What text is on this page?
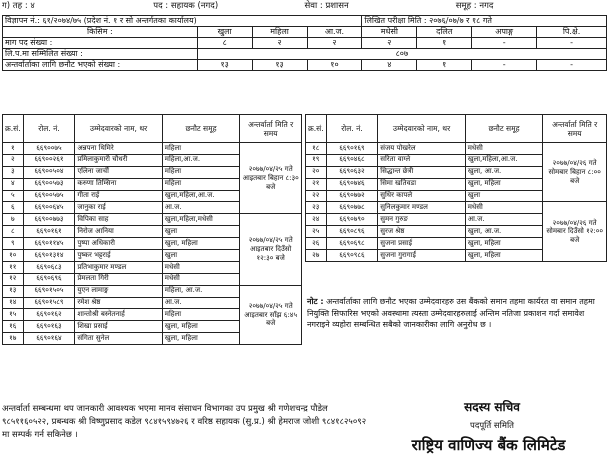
ग) तह : ४	पद : सहायक (नगद)	सेवा : प्रशासन	समूह : नगद
विज्ञापन नं.: ६१/२०७४/७५ (प्रदेश नं. १ र सो अन्तर्गतका कार्यालय)				लिखित परीक्षा मिति : २०७६/०७/७ र १८ गते			
किसिम :	खुला	महिला	आ.ज.	मधेसी	दलित	अपाङ्ग	पि.क्षे.
माग पद संख्या :	८	२	२	२	१	-	-
लि.प.मा सम्मिलित संख्या :	८०७						
अन्तर्वार्ताका लागि छनौट भएको संख्या :	१३	१३	१०	४	१	-	-
क्र.सं.	रोल. नं.	उम्मेदवारको नाम, थर	छनौट समूह	अन्तर्वार्ता मिति र समय
१	६६९००७५	अन्नपना थिमिरे	महिला	२०७७/०४/२५ गते आइतबार बिहान ८:३० बजे
२	६६९००२६१	प्रमिलाकुमारी चौधरी	महिला,आ.ज.	
३	६६९००५०४	एलिना जार्ची	महिला	
४	६६९००५७३	करुणा तिम्सिना	महिला	
५	६६९००५७५	गीता राई	खुला,महिला,आ.ज.	
६	६६९००६४५	जानुका राई	आ.ज.	
७	६६९००७७३	विपिका साह	खुला,महिला,मधेसी	२०७७/०४/२५ गते आइतबार दिउँसो १२:३० बजे
८	६६९०१६१	निरोज आनिया	खुला	
९	६६९०११४५	पुष्पा अधिकारी	खुला, महिला	
१०	६६९०१३१४	पुष्कर भट्टराई	खुला	
११	६६९०६८३	प्रतिभाकुमार मण्डल	मधेसी	
१२	६६९०६९६	प्रेमलता गिरी	मधेसी	
१३	६६९०१५०५	युएन लामाङ्ग	महिला, आ.ज.	२०७७/०४/२५ गते आइतबार साँझ ६:४५ बजे
१४	६६९०१५८९	रमेश श्रेष्ठ	आ.ज.	
१५	६६९०१६२	शान्तोश्री बस्नेतनार्ह	महिला	
१६	६६९०१६३	शिखा प्रसाई	खुला, महिला	
१७	६६९०१६४	संगिता सुनेल	खुला, महिला	
क्र.सं.	रोल. नं.	उम्मेदवारको नाम, थर	छनौट समूह	अन्तर्वार्ता मिति र समय
१८	६६९०१६९	संजय पोखरेल	मधेसी	२०७७/०४/२६ गते सोमबार बिहान ८:०० बजे
१९	६६९०४६८	सरिता वाग्ले	खुला,महिला,आ.ज.	
२०	६६९०६३२	सिद्धान्त छेत्री	खुला, आ.ज.	
२१	६६९०७४६	सिमा खतिवडा	खुला, महिला	
२२	६६९०७७२	सुधिर कापले	खुला	
२३	६६९०७७८	सुनिलकुमार मण्डल	मधेसी	२०७७/०४/२६ गते सोमबार दिउँसो १२:०० बजे
२४	६६९०७९०	सुमन गुरुङ	आ.ज.	
२५	६६९०८९६	सुरज श्रेष्ठ	खुला, आ.ज.	
२६	६६९०६९८	सुजना प्रसाई	खुला, महिला	
२७	६६९०९८६	सुजना गुरागाईं	खुला, महिला	
नोट : अन्तर्वार्ताका लागि छनौट भएका उम्मेदवारहरु उस बैंकको समान तहमा कार्यरत वा समान तहमा नियुक्ति सिफारिस भएको अवस्थामा त्यस्ता उम्मेदवारहरुलाई अन्तिम नतिजा प्रकाशन गर्दा समावेश नगराइने व्यहोरा सम्बन्धित सबैको जानकारीका लागि अनुरोध छ ।
अन्तर्वार्ता सम्बन्धमा थप जानकारी आवश्यक भएमा मानव संसाधन विभागका उप प्रमुख श्री गणेशचन्द्र पौडेल ९८५११६०५२२, प्रबन्धक श्री विष्णुप्रसाद कडेल ९८४१५९४७२६ र वरिष्ठ सहायक (सु.प्र.) श्री हेमराज जोशी ९८४१८२५०९२ मा सम्पर्क गर्न सकिनेछ ।
सदस्य सचिव
पदपूर्ति समिति
राष्ट्रिय वाणिज्य बैंक लिमिटेड
